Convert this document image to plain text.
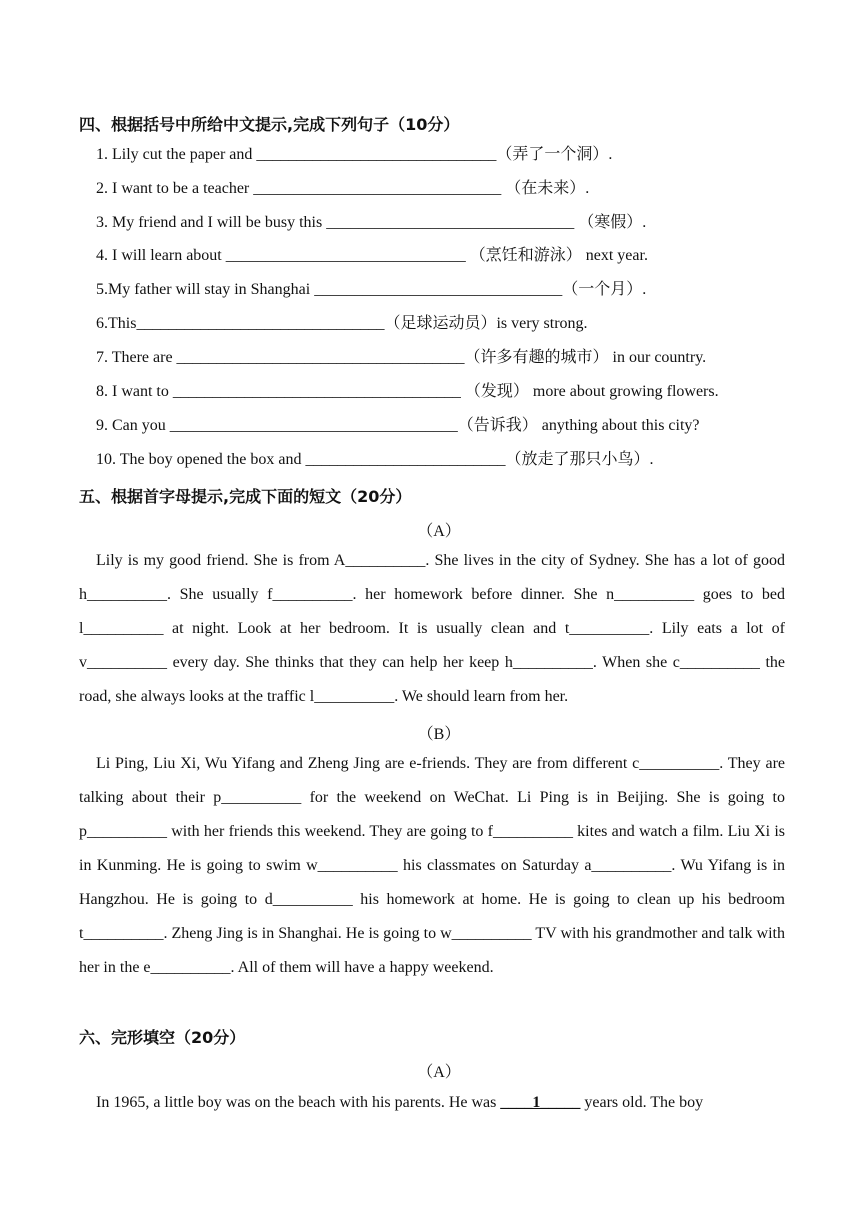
四、根据括号中所给中文提示,完成下列句子（10分）
1. Lily cut the paper and ______________________________（弄了一个洞）.
2. I want to be a teacher _______________________________ （在未来）.
3. My friend and I will be busy this _______________________________ （寒假）.
4. I will learn about ______________________________ （烹饪和游泳） next year.
5.My father will stay in Shanghai _______________________________（一个月）.
6.This_______________________________（足球运动员）is very strong.
7. There are ____________________________________（许多有趣的城市） in our country.
8. I want to ____________________________________ （发现） more about growing flowers.
9. Can you ____________________________________（告诉我） anything about this city?
10. The boy opened the box and _________________________（放走了那只小鸟）.
五、根据首字母提示,完成下面的短文（20分）
（A）
Lily is my good friend. She is from A__________. She lives in the city of Sydney. She has a lot of good h__________. She usually f__________. her homework before dinner. She n__________ goes to bed l__________ at night. Look at her bedroom. It is usually clean and t__________. Lily eats a lot of v__________ every day. She thinks that they can help her keep h__________. When she c__________ the road, she always looks at the traffic l__________. We should learn from her.
（B）
Li Ping, Liu Xi, Wu Yifang and Zheng Jing are e-friends. They are from different c__________. They are talking about their p__________ for the weekend on WeChat. Li Ping is in Beijing. She is going to p__________ with her friends this weekend. They are going to f__________ kites and watch a film. Liu Xi is in Kunming. He is going to swim w__________ his classmates on Saturday a__________. Wu Yifang is in Hangzhou. He is going to d__________ his homework at home. He is going to clean up his bedroom t__________. Zheng Jing is in Shanghai. He is going to w__________ TV with his grandmother and talk with her in the e__________. All of them will have a happy weekend.
六、完形填空（20分）
（A）
In 1965, a little boy was on the beach with his parents. He was ____1_____ years old. The boy
